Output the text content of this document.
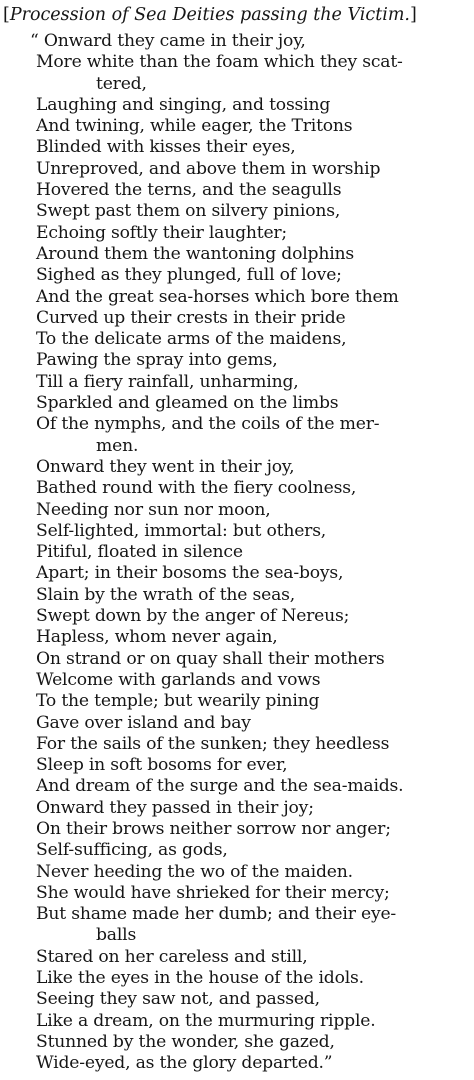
[Procession of Sea Deities passing the Victim.]
“ Onward they came in their joy,
More white than the foam which they scat-
tered,
Laughing and singing, and tossing
And twining, while eager, the Tritons
Blinded with kisses their eyes,
Unreproved, and above them in worship
Hovered the terns, and the seagulls
Swept past them on silvery pinions,
Echoing softly their laughter;
Around them the wantoning dolphins
Sighed as they plunged, full of love;
And the great sea-horses which bore them
Curved up their crests in their pride
To the delicate arms of the maidens,
Pawing the spray into gems,
Till a fiery rainfall, unharming,
Sparkled and gleamed on the limbs
Of the nymphs, and the coils of the mer-
men.
Onward they went in their joy,
Bathed round with the fiery coolness,
Needing nor sun nor moon,
Self-lighted, immortal: but others,
Pitiful, floated in silence
Apart; in their bosoms the sea-boys,
Slain by the wrath of the seas,
Swept down by the anger of Nereus;
Hapless, whom never again,
On strand or on quay shall their mothers
Welcome with garlands and vows
To the temple; but wearily pining
Gave over island and bay
For the sails of the sunken; they heedless
Sleep in soft bosoms for ever,
And dream of the surge and the sea-maids.
Onward they passed in their joy;
On their brows neither sorrow nor anger;
Self-sufficing, as gods,
Never heeding the wo of the maiden.
She would have shrieked for their mercy;
But shame made her dumb; and their eye-
balls
Stared on her careless and still,
Like the eyes in the house of the idols.
Seeing they saw not, and passed,
Like a dream, on the murmuring ripple.
Stunned by the wonder, she gazed,
Wide-eyed, as the glory departed.”
